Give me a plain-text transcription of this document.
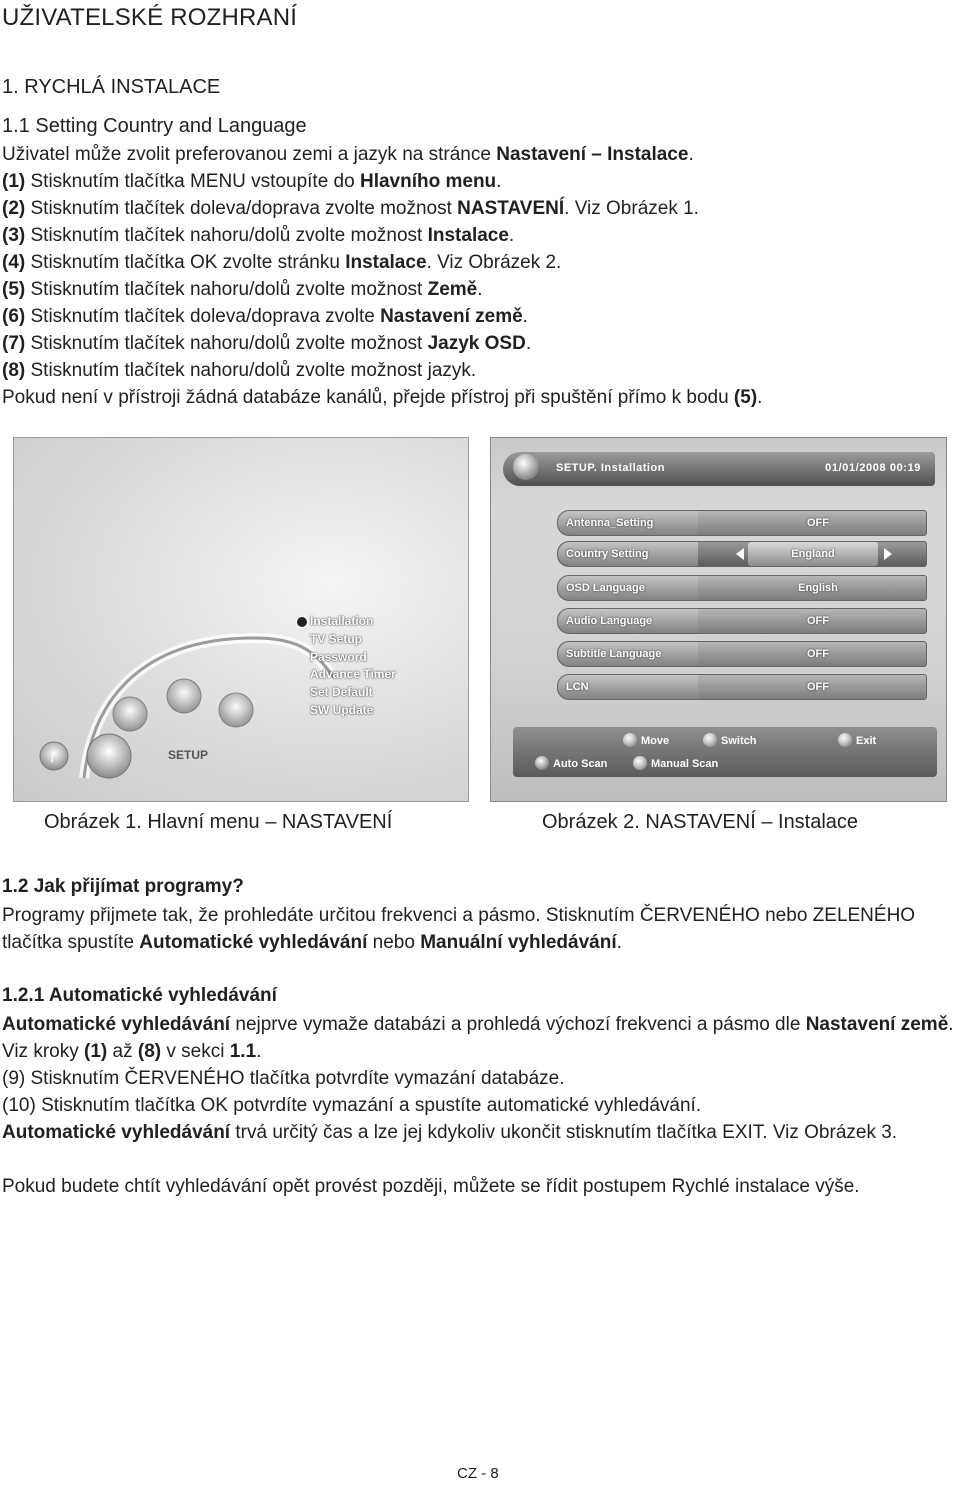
UŽIVATELSKÉ ROZHRANÍ
1. RYCHLÁ INSTALACE
1.1 Setting Country and Language
Uživatel může zvolit preferovanou zemi a jazyk na stránce Nastavení – Instalace.
(1) Stisknutím tlačítka MENU vstoupíte do Hlavního menu.
(2) Stisknutím tlačítek doleva/doprava zvolte možnost NASTAVENÍ. Viz Obrázek 1.
(3) Stisknutím tlačítek nahoru/dolů zvolte možnost Instalace.
(4) Stisknutím tlačítka OK zvolte stránku Instalace. Viz Obrázek 2.
(5) Stisknutím tlačítek nahoru/dolů zvolte možnost Země.
(6) Stisknutím tlačítek doleva/doprava zvolte Nastavení země.
(7) Stisknutím tlačítek nahoru/dolů zvolte možnost Jazyk OSD.
(8) Stisknutím tlačítek nahoru/dolů zvolte možnost jazyk.
Pokud není v přístroji žádná databáze kanálů, přejde přístroj při spuštění přímo k bodu (5).
i
Installation
TV Setup
Password
Advance Timer
Set Default
SW Update
SETUP
SETUP. Installation	01/01/2008 00:19
Antenna_Setting	OFF
Country Setting	England
OSD Language	English
Audio Language	OFF
Subtitle Language	OFF
LCN	OFF
Move	Switch	Exit
Auto Scan	Manual Scan
Obrázek 1. Hlavní menu – NASTAVENÍ	Obrázek 2. NASTAVENÍ – Instalace
1.2 Jak přijímat programy?

Programy přijmete tak, že prohledáte určitou frekvenci a pásmo. Stisknutím ČERVENÉHO nebo ZELENÉHO tlačítka spustíte Automatické vyhledávání nebo Manuální vyhledávání.

1.2.1 Automatické vyhledávání

Automatické vyhledávání nejprve vymaže databázi a prohledá výchozí frekvenci a pásmo dle Nastavení země. Viz kroky (1) až (8) v sekci 1.1.

(9) Stisknutím ČERVENÉHO tlačítka potvrdíte vymazání databáze.

(10) Stisknutím tlačítka OK potvrdíte vymazání a spustíte automatické vyhledávání.

Automatické vyhledávání trvá určitý čas a lze jej kdykoliv ukončit stisknutím tlačítka EXIT. Viz Obrázek 3.

Pokud budete chtít vyhledávání opět provést později, můžete se řídit postupem Rychlé instalace výše.

CZ - 8
